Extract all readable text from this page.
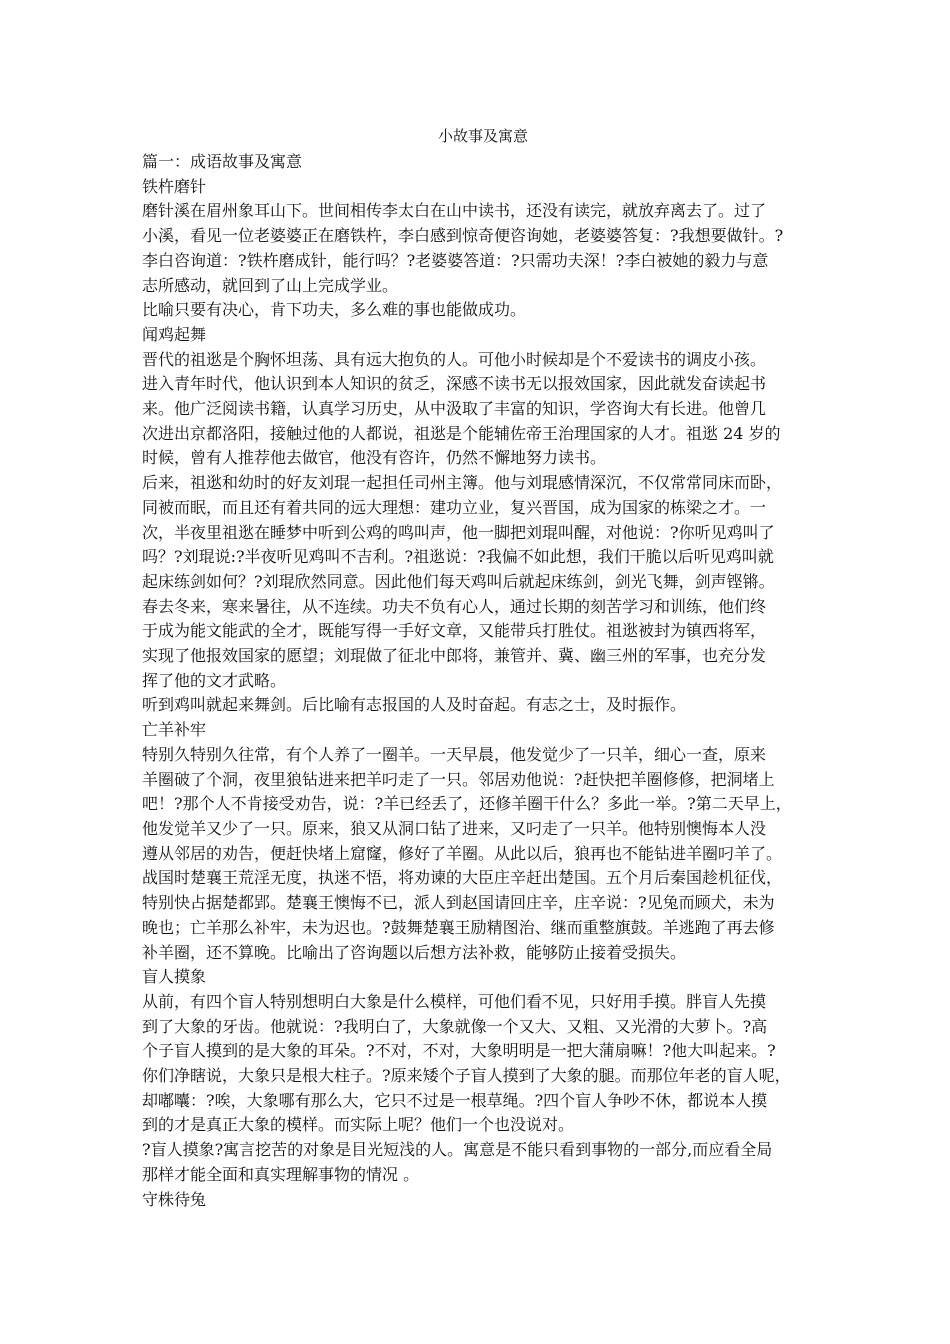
小故事及寓意
篇一：成语故事及寓意
铁杵磨针
磨针溪在眉州象耳山下。世间相传李太白在山中读书，还没有读完，就放弃离去了。过了
小溪，看见一位老婆婆正在磨铁杵，李白感到惊奇便咨询她，老婆婆答复：?我想要做针。?
李白咨询道：?铁杵磨成针，能行吗？?老婆婆答道：?只需功夫深！?李白被她的毅力与意
志所感动，就回到了山上完成学业。
比喻只要有决心，肯下功夫，多么难的事也能做成功。
闻鸡起舞
晋代的祖逖是个胸怀坦荡、具有远大抱负的人。可他小时候却是个不爱读书的调皮小孩。
进入青年时代，他认识到本人知识的贫乏，深感不读书无以报效国家，因此就发奋读起书
来。他广泛阅读书籍，认真学习历史，从中汲取了丰富的知识，学咨询大有长进。他曾几
次进出京都洛阳，接触过他的人都说，祖逖是个能辅佐帝王治理国家的人才。祖逖 24 岁的
时候，曾有人推荐他去做官，他没有咨许，仍然不懈地努力读书。
后来，祖逖和幼时的好友刘琨一起担任司州主簿。他与刘琨感情深沉，不仅常常同床而卧，
同被而眠，而且还有着共同的远大理想：建功立业，复兴晋国，成为国家的栋梁之才。一
次，半夜里祖逖在睡梦中听到公鸡的鸣叫声，他一脚把刘琨叫醒，对他说：?你听见鸡叫了
吗？?刘琨说:?半夜听见鸡叫不吉利。?祖逖说：?我偏不如此想，我们干脆以后听见鸡叫就
起床练剑如何？?刘琨欣然同意。因此他们每天鸡叫后就起床练剑，剑光飞舞，剑声铿锵。
春去冬来，寒来暑往，从不连续。功夫不负有心人，通过长期的刻苦学习和训练，他们终
于成为能文能武的全才，既能写得一手好文章，又能带兵打胜仗。祖逖被封为镇西将军，
实现了他报效国家的愿望；刘琨做了征北中郎将，兼管并、冀、幽三州的军事，也充分发
挥了他的文才武略。
听到鸡叫就起来舞剑。后比喻有志报国的人及时奋起。有志之士，及时振作。
亡羊补牢
特别久特别久往常，有个人养了一圈羊。一天早晨，他发觉少了一只羊，细心一查，原来
羊圈破了个洞，夜里狼钻进来把羊叼走了一只。邻居劝他说：?赶快把羊圈修修，把洞堵上
吧！?那个人不肯接受劝告，说：?羊已经丢了，还修羊圈干什么？多此一举。?第二天早上，
他发觉羊又少了一只。原来，狼又从洞口钻了进来，又叼走了一只羊。他特别懊悔本人没
遵从邻居的劝告，便赶快堵上窟窿，修好了羊圈。从此以后，狼再也不能钻进羊圈叼羊了。
战国时楚襄王荒淫无度，执迷不悟，将劝谏的大臣庄辛赶出楚国。五个月后秦国趁机征伐，
特别快占据楚都郢。楚襄王懊悔不已，派人到赵国请回庄辛，庄辛说：?见兔而顾犬，未为
晚也；亡羊那么补牢，未为迟也。?鼓舞楚襄王励精图治、继而重整旗鼓。羊逃跑了再去修
补羊圈，还不算晚。比喻出了咨询题以后想方法补救，能够防止接着受损失。
盲人摸象
从前，有四个盲人特别想明白大象是什么模样，可他们看不见，只好用手摸。胖盲人先摸
到了大象的牙齿。他就说：?我明白了，大象就像一个又大、又粗、又光滑的大萝卜。?高
个子盲人摸到的是大象的耳朵。?不对，不对，大象明明是一把大蒲扇嘛！?他大叫起来。?
你们净瞎说，大象只是根大柱子。?原来矮个子盲人摸到了大象的腿。而那位年老的盲人呢，
却嘟囔：?唉，大象哪有那么大，它只不过是一根草绳。?四个盲人争吵不休，都说本人摸
到的才是真正大象的模样。而实际上呢？他们一个也没说对。
?盲人摸象?寓言挖苦的对象是目光短浅的人。寓意是不能只看到事物的一部分,而应看全局
那样才能全面和真实理解事物的情况 。
守株待兔
